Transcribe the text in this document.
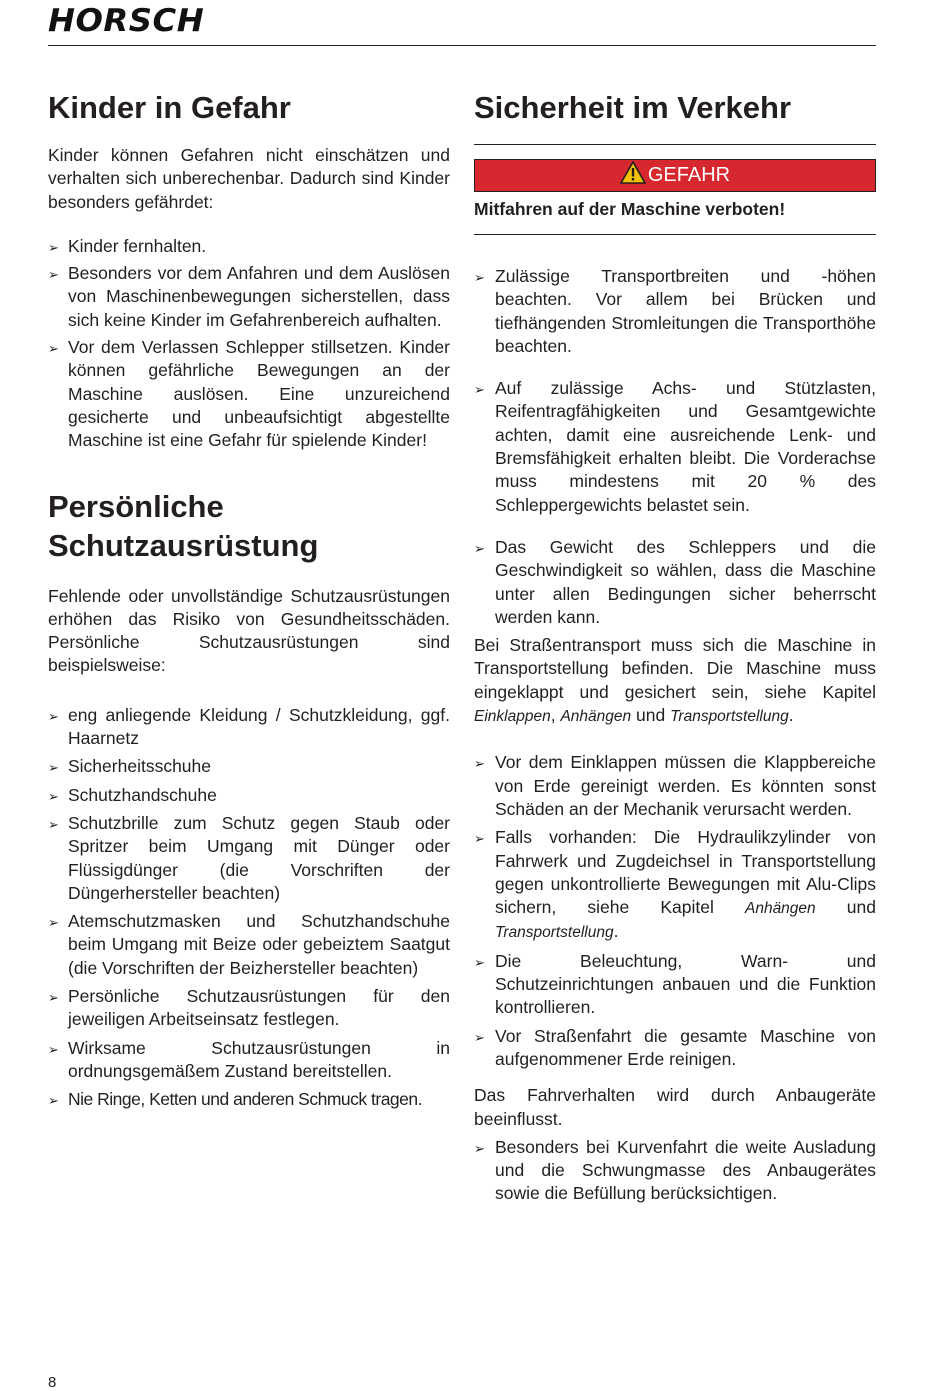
HORSCH
Kinder in Gefahr

Kinder können Gefahren nicht einschätzen und verhalten sich unberechenbar. Dadurch sind Kinder besonders gefährdet:

➢ Kinder fernhalten.
➢ Besonders vor dem Anfahren und dem Auslösen von Maschinenbewegungen sicherstellen, dass sich keine Kinder im Gefahrenbereich aufhalten.
➢ Vor dem Verlassen Schlepper stillsetzen. Kinder können gefährliche Bewegungen an der Maschine auslösen. Eine unzureichend gesicherte und unbeaufsichtigt abgestellte Maschine ist eine Gefahr für spielende Kinder!
Persönliche
Schutzausrüstung

Fehlende oder unvollständige Schutzausrüstungen erhöhen das Risiko von Gesundheitsschäden. Persönliche Schutzausrüstungen sind beispielsweise:

➢ eng anliegende Kleidung / Schutzkleidung, ggf. Haarnetz
➢ Sicherheitsschuhe
➢ Schutzhandschuhe
➢ Schutzbrille zum Schutz gegen Staub oder Spritzer beim Umgang mit Dünger oder Flüssigdünger (die Vorschriften der Düngerhersteller beachten)
➢ Atemschutzmasken und Schutzhandschuhe beim Umgang mit Beize oder gebeiztem Saatgut (die Vorschriften der Beizhersteller beachten)
➢ Persönliche Schutzausrüstungen für den jeweiligen Arbeitseinsatz festlegen.
➢ Wirksame Schutzausrüstungen in ordnungsgemäßem Zustand bereitstellen.
➢ Nie Ringe, Ketten und anderen Schmuck tragen.
Sicherheit im Verkehr
GEFAHR
Mitfahren auf der Maschine verboten!
➢ Zulässige Transportbreiten und -höhen beachten. Vor allem bei Brücken und tiefhängenden Stromleitungen die Transporthöhe beachten.
➢ Auf zulässige Achs- und Stützlasten, Reifentragfähigkeiten und Gesamtgewichte achten, damit eine ausreichende Lenk- und Bremsfähigkeit erhalten bleibt. Die Vorderachse muss mindestens mit 20 % des Schleppergewichts belastet sein.
➢ Das Gewicht des Schleppers und die Geschwindigkeit so wählen, dass die Maschine unter allen Bedingungen sicher beherrscht werden kann.

Bei Straßentransport muss sich die Maschine in Transportstellung befinden. Die Maschine muss eingeklappt und gesichert sein, siehe Kapitel Einklappen, Anhängen und Transportstellung.

➢ Vor dem Einklappen müssen die Klappbereiche von Erde gereinigt werden. Es könnten sonst Schäden an der Mechanik verursacht werden.
➢ Falls vorhanden: Die Hydraulikzylinder von Fahrwerk und Zugdeichsel in Transportstellung gegen unkontrollierte Bewegungen mit Alu-Clips sichern, siehe Kapitel Anhängen und Transportstellung.
➢ Die Beleuchtung, Warn- und Schutzeinrichtungen anbauen und die Funktion kontrollieren.
➢ Vor Straßenfahrt die gesamte Maschine von aufgenommener Erde reinigen.

Das Fahrverhalten wird durch Anbaugeräte beeinflusst.

➢ Besonders bei Kurvenfahrt die weite Ausladung und die Schwungmasse des Anbaugerätes sowie die Befüllung berücksichtigen.
8
